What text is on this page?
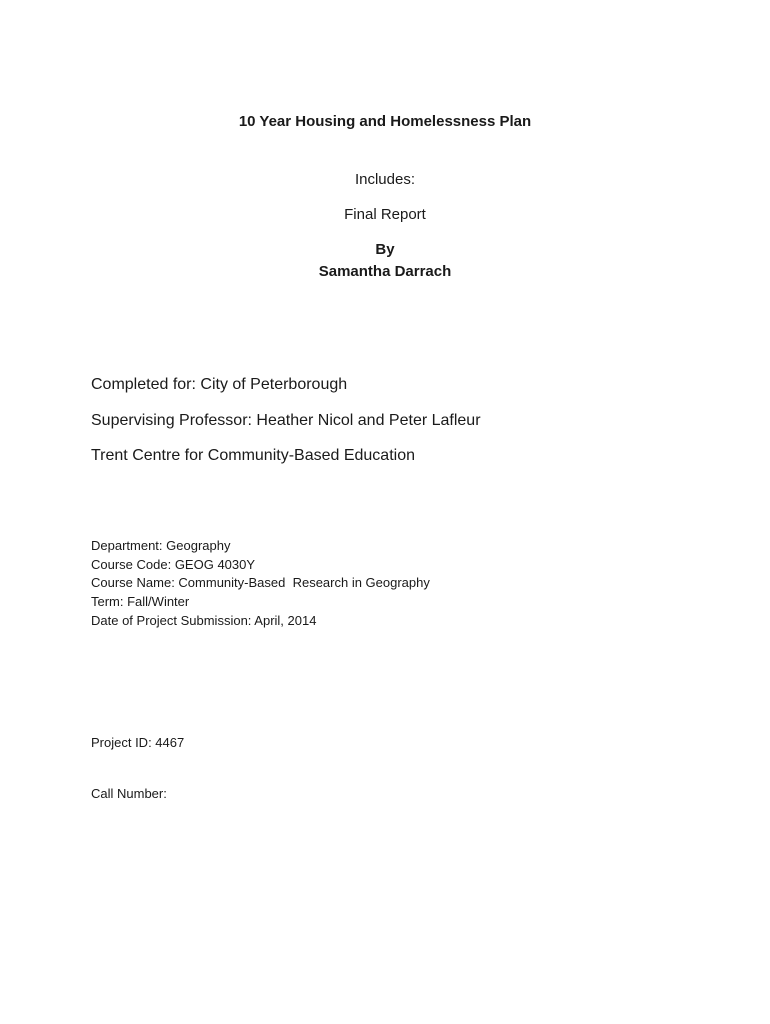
10 Year Housing and Homelessness Plan
Includes:
Final Report
By
Samantha Darrach
Completed for: City of Peterborough
Supervising Professor: Heather Nicol and Peter Lafleur
Trent Centre for Community-Based Education
Department: Geography
Course Code: GEOG 4030Y
Course Name: Community-Based  Research in Geography
Term: Fall/Winter
Date of Project Submission: April, 2014
Project ID: 4467
Call Number:
